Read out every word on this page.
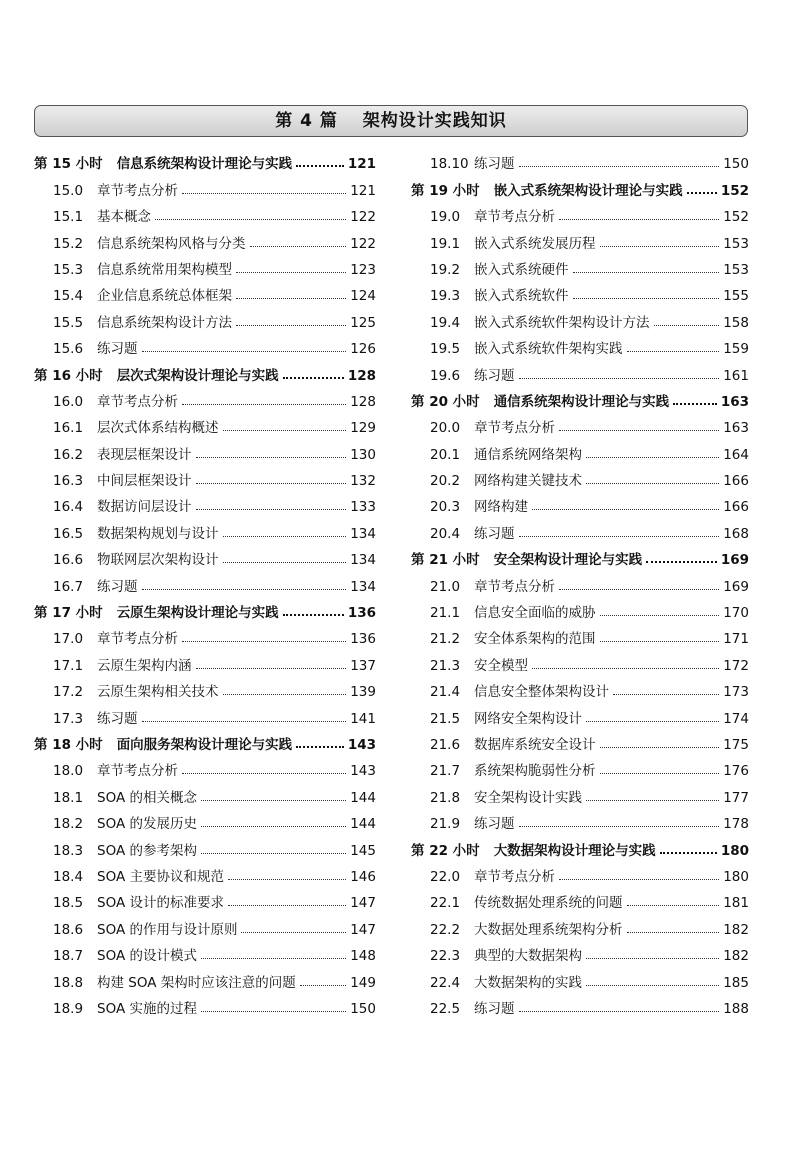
第 4 篇　 架构设计实践知识
第 15 小时 信息系统架构设计理论与实践	121
15.0	章节考点分析	121
15.1	基本概念	122
15.2	信息系统架构风格与分类	122
15.3	信息系统常用架构模型	123
15.4	企业信息系统总体框架	124
15.5	信息系统架构设计方法	125
15.6	练习题	126
第 16 小时 层次式架构设计理论与实践	128
16.0	章节考点分析	128
16.1	层次式体系结构概述	129
16.2	表现层框架设计	130
16.3	中间层框架设计	132
16.4	数据访问层设计	133
16.5	数据架构规划与设计	134
16.6	物联网层次架构设计	134
16.7	练习题	134
第 17 小时 云原生架构设计理论与实践	136
17.0	章节考点分析	136
17.1	云原生架构内涵	137
17.2	云原生架构相关技术	139
17.3	练习题	141
第 18 小时 面向服务架构设计理论与实践	143
18.0	章节考点分析	143
18.1	SOA 的相关概念	144
18.2	SOA 的发展历史	144
18.3	SOA 的参考架构	145
18.4	SOA 主要协议和规范	146
18.5	SOA 设计的标准要求	147
18.6	SOA 的作用与设计原则	147
18.7	SOA 的设计模式	148
18.8	构建 SOA 架构时应该注意的问题	149
18.9	SOA 实施的过程	150
18.10 练习题	150
第 19 小时 嵌入式系统架构设计理论与实践	152
19.0	章节考点分析	152
19.1	嵌入式系统发展历程	153
19.2	嵌入式系统硬件	153
19.3	嵌入式系统软件	155
19.4	嵌入式系统软件架构设计方法	158
19.5	嵌入式系统软件架构实践	159
19.6	练习题	161
第 20 小时 通信系统架构设计理论与实践	163
20.0	章节考点分析	163
20.1	通信系统网络架构	164
20.2	网络构建关键技术	166
20.3	网络构建	166
20.4	练习题	168
第 21 小时 安全架构设计理论与实践	169
21.0	章节考点分析	169
21.1	信息安全面临的威胁	170
21.2	安全体系架构的范围	171
21.3	安全模型	172
21.4	信息安全整体架构设计	173
21.5	网络安全架构设计	174
21.6	数据库系统安全设计	175
21.7	系统架构脆弱性分析	176
21.8	安全架构设计实践	177
21.9	练习题	178
第 22 小时 大数据架构设计理论与实践	180
22.0	章节考点分析	180
22.1	传统数据处理系统的问题	181
22.2	大数据处理系统架构分析	182
22.3	典型的大数据架构	182
22.4	大数据架构的实践	185
22.5	练习题	188
